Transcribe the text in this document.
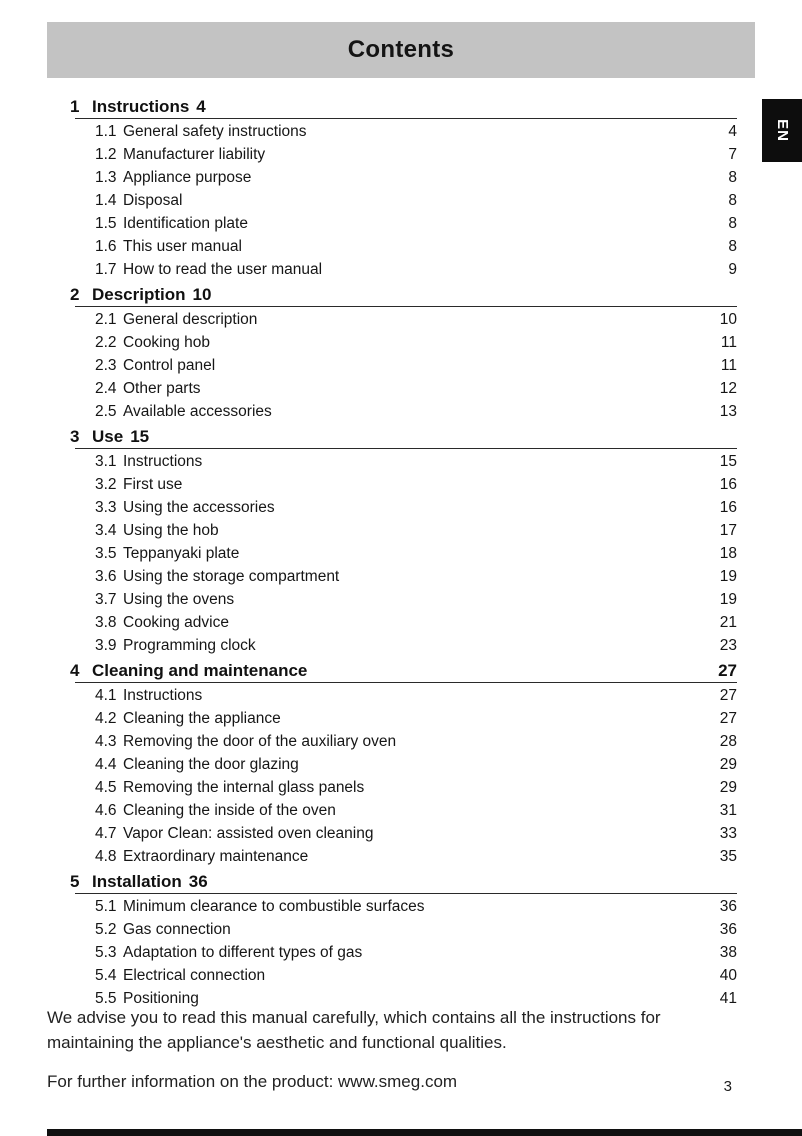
Contents
EN
1 Instructions 4
1.1 General safety instructions	4
1.2 Manufacturer liability	7
1.3 Appliance purpose	8
1.4 Disposal	8
1.5 Identification plate	8
1.6 This user manual	8
1.7 How to read the user manual	9
2 Description 10
2.1 General description	10
2.2 Cooking hob	11
2.3 Control panel	11
2.4 Other parts	12
2.5 Available accessories	13
3 Use 15
3.1 Instructions	15
3.2 First use	16
3.3 Using the accessories	16
3.4 Using the hob	17
3.5 Teppanyaki plate	18
3.6 Using the storage compartment	19
3.7 Using the ovens	19
3.8 Cooking advice	21
3.9 Programming clock	23
4 Cleaning and maintenance	27
4.1 Instructions	27
4.2 Cleaning the appliance	27
4.3 Removing the door of the auxiliary oven	28
4.4 Cleaning the door glazing	29
4.5 Removing the internal glass panels	29
4.6 Cleaning the inside of the oven	31
4.7 Vapor Clean: assisted oven cleaning	33
4.8 Extraordinary maintenance	35
5 Installation 36
5.1 Minimum clearance to combustible surfaces	36
5.2 Gas connection	36
5.3 Adaptation to different types of gas	38
5.4 Electrical connection	40
5.5 Positioning	41

We advise you to read this manual carefully, which contains all the instructions for maintaining the appliance's aesthetic and functional qualities.

For further information on the product: www.smeg.com	3
